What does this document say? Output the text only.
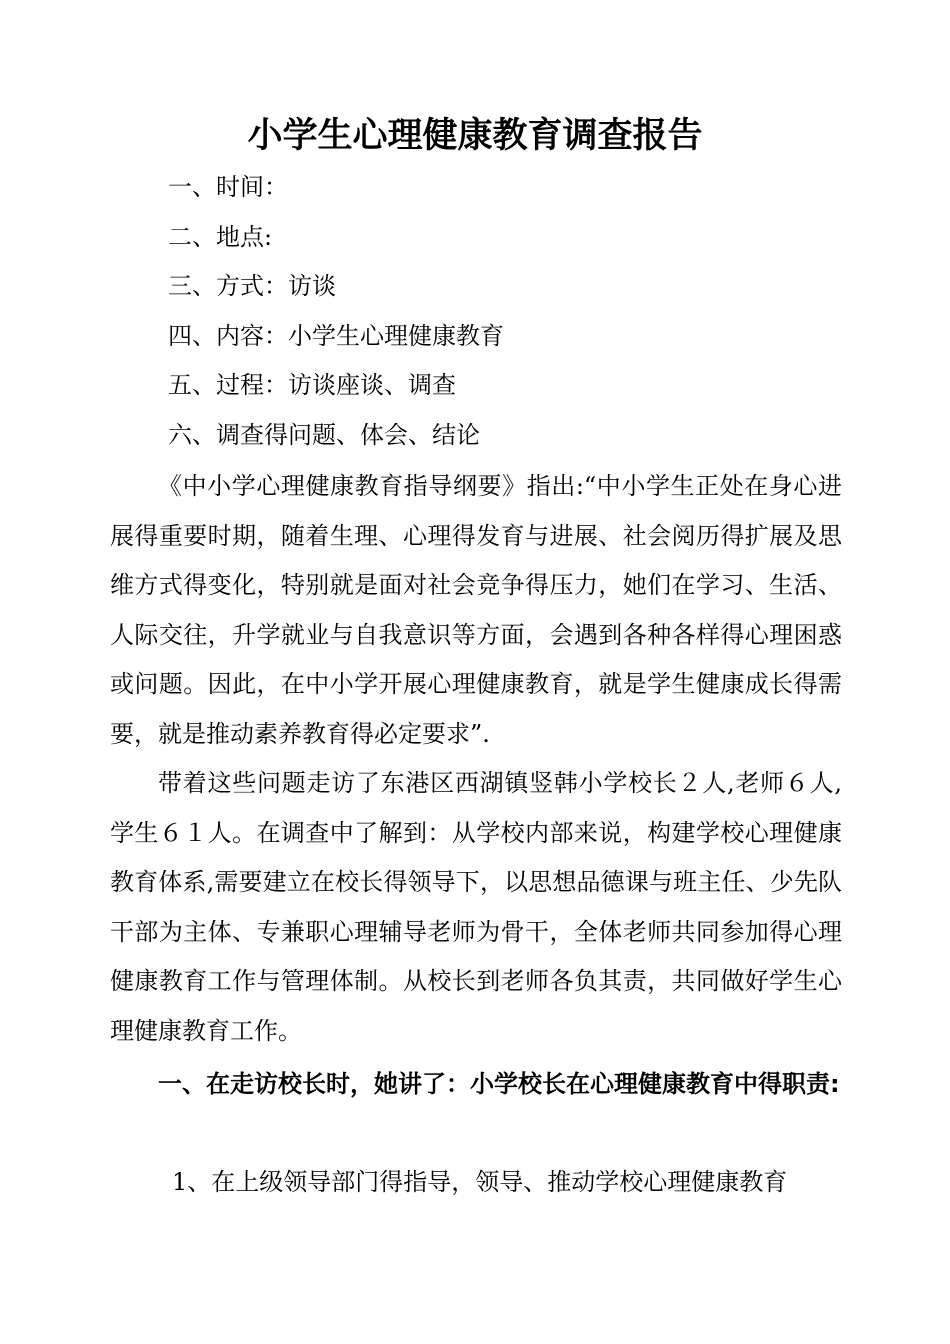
小学生心理健康教育调查报告

一、时间：

二、地点:

三、方式：访谈

四、内容：小学生心理健康教育

五、过程：访谈座谈、调查

六、调查得问题、体会、结论

《中小学心理健康教育指导纲要》指出:“中小学生正处在身心进展得重要时期，随着生理、心理得发育与进展、社会阅历得扩展及思维方式得变化，特别就是面对社会竞争得压力，她们在学习、生活、人际交往，升学就业与自我意识等方面，会遇到各种各样得心理困惑或问题。因此，在中小学开展心理健康教育，就是学生健康成长得需要，就是推动素养教育得必定要求”.

带着这些问题走访了东港区西湖镇竖韩小学校长２人,老师６人,学生６１人。在调查中了解到：从学校内部来说，构建学校心理健康教育体系,需要建立在校长得领导下，以思想品德课与班主任、少先队干部为主体、专兼职心理辅导老师为骨干，全体老师共同参加得心理健康教育工作与管理体制。从校长到老师各负其责，共同做好学生心理健康教育工作。

一、在走访校长时，她讲了：小学校长在心理健康教育中得职责:

1、在上级领导部门得指导，领导、推动学校心理健康教育
